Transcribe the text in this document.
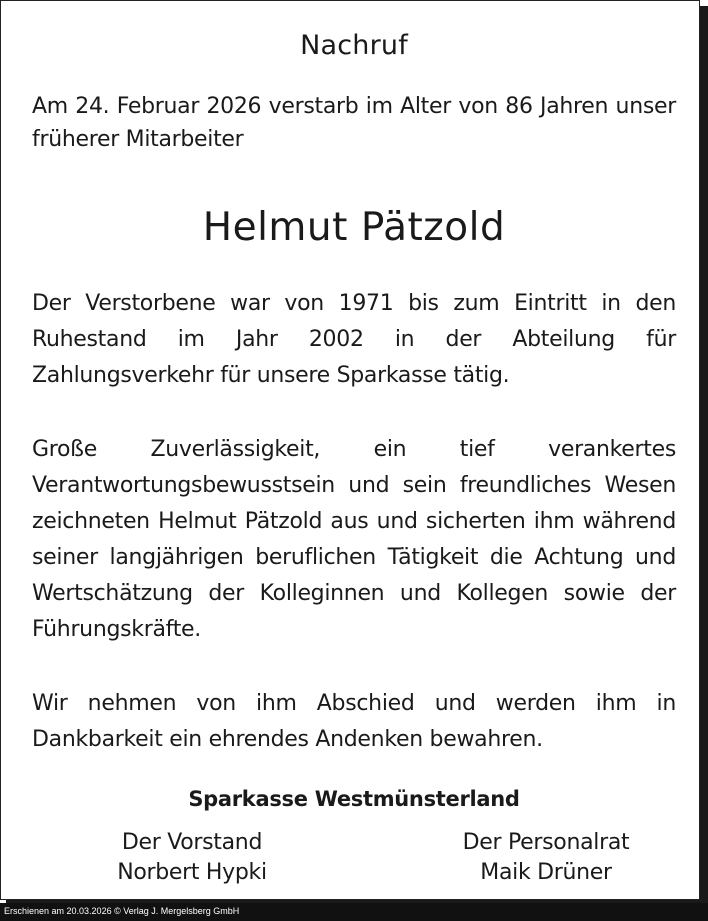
Nachruf
Am 24. Februar 2026 verstarb im Alter von 86 Jahren unser früherer Mitarbeiter
Helmut Pätzold
Der Verstorbene war von 1971 bis zum Eintritt in den Ruhestand im Jahr 2002 in der Abteilung für Zahlungsverkehr für unsere Sparkasse tätig.
Große Zuverlässigkeit, ein tief verankertes Verantwortungsbewusstsein und sein freundliches Wesen zeichneten Helmut Pätzold aus und sicherten ihm während seiner langjährigen beruflichen Tätigkeit die Achtung und Wertschätzung der Kolleginnen und Kollegen sowie der Führungskräfte.
Wir nehmen von ihm Abschied und werden ihm in Dankbarkeit ein ehrendes Andenken bewahren.
Sparkasse Westmünsterland
Der Vorstand
Norbert Hypki
Der Personalrat
Maik Drüner
Erschienen am 20.03.2026 © Verlag J. Mergelsberg GmbH
